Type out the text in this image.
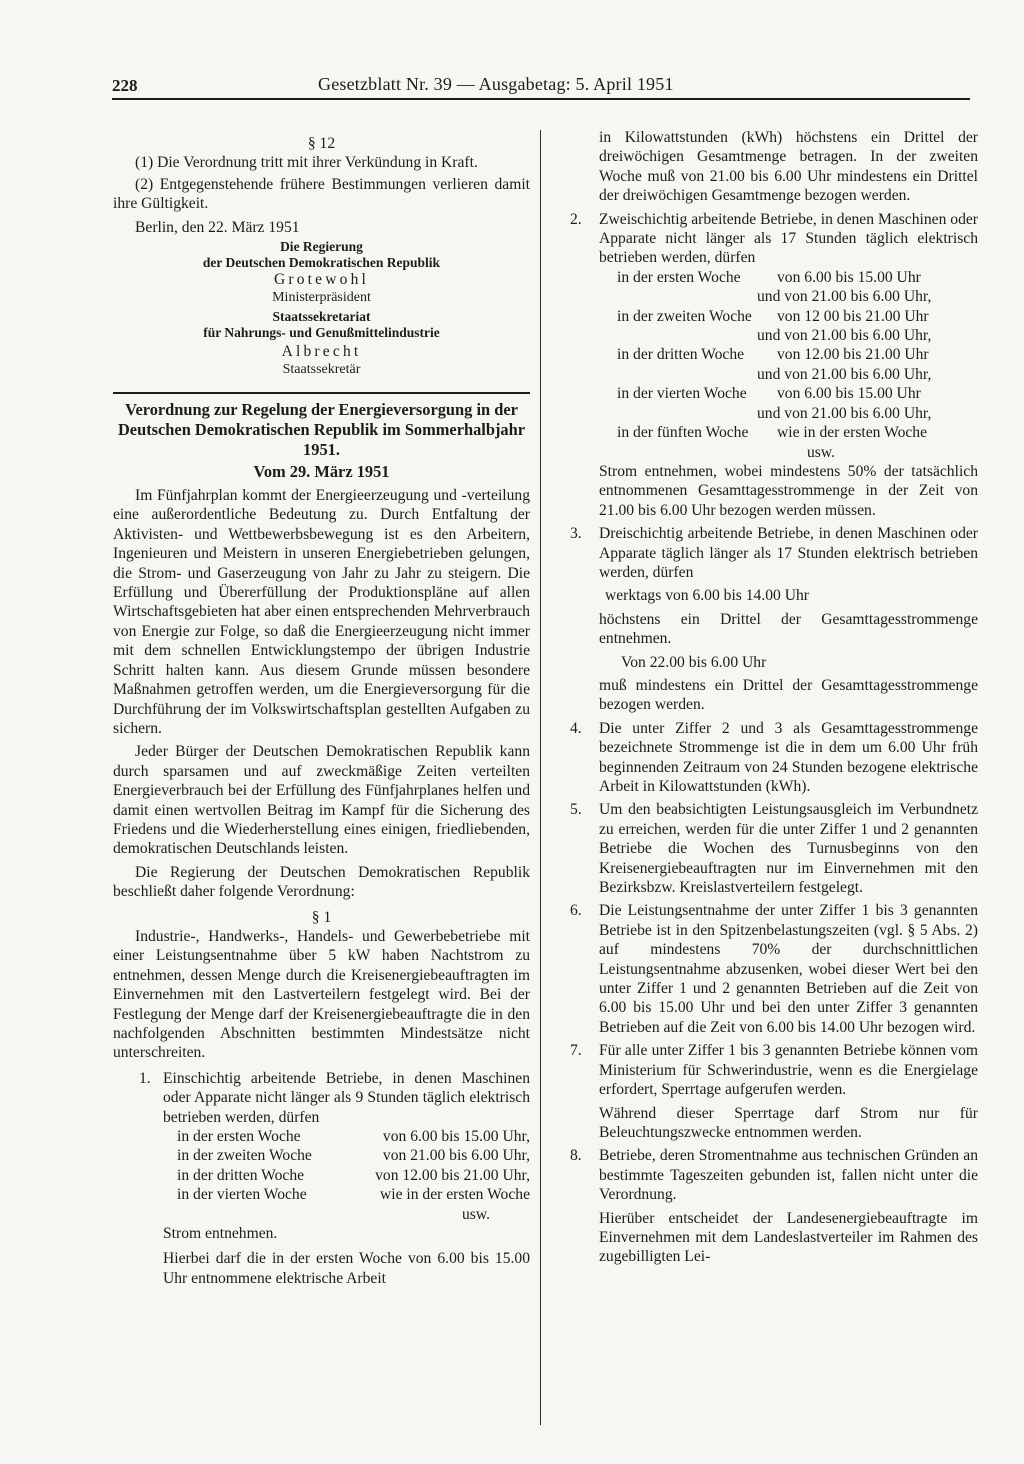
228	Gesetzblatt Nr. 39 — Ausgabetag: 5. April 1951

§ 12

(1) Die Verordnung tritt mit ihrer Verkündung in Kraft.

(2) Entgegenstehende frühere Bestimmungen verlieren damit ihre Gültigkeit.

Berlin, den 22. März 1951

Die Regierung
der Deutschen Demokratischen Republik
Grotewohl
Ministerpräsident
Staatssekretariat
für Nahrungs- und Genußmittelindustrie
Albrecht
Staatssekretär
Verordnung zur Regelung der Energieversorgung in der Deutschen Demokratischen Republik im Sommerhalbjahr 1951.
Vom 29. März 1951

Im Fünfjahrplan kommt der Energieerzeugung und -verteilung eine außerordentliche Bedeutung zu. Durch Entfaltung der Aktivisten- und Wettbewerbsbewegung ist es den Arbeitern, Ingenieuren und Meistern in unseren Energiebetrieben gelungen, die Strom- und Gaserzeugung von Jahr zu Jahr zu steigern. Die Erfüllung und Übererfüllung der Produktionspläne auf allen Wirtschaftsgebieten hat aber einen entsprechenden Mehrverbrauch von Energie zur Folge, so daß die Energieerzeugung nicht immer mit dem schnellen Entwicklungstempo der übrigen Industrie Schritt halten kann. Aus diesem Grunde müssen besondere Maßnahmen getroffen werden, um die Energieversorgung für die Durchführung der im Volkswirtschaftsplan gestellten Aufgaben zu sichern.

Jeder Bürger der Deutschen Demokratischen Republik kann durch sparsamen und auf zweckmäßige Zeiten verteilten Energieverbrauch bei der Erfüllung des Fünfjahrplanes helfen und damit einen wertvollen Beitrag im Kampf für die Sicherung des Friedens und die Wiederherstellung eines einigen, friedliebenden, demokratischen Deutschlands leisten.

Die Regierung der Deutschen Demokratischen Republik beschließt daher folgende Verordnung:

§ 1

Industrie-, Handwerks-, Handels- und Gewerbebetriebe mit einer Leistungsentnahme über 5 kW haben Nachtstrom zu entnehmen, dessen Menge durch die Kreisenergiebeauftragten im Einvernehmen mit den Lastverteilern festgelegt wird. Bei der Festlegung der Menge darf der Kreisenergiebeauftragte die in den nachfolgenden Abschnitten bestimmten Mindestsätze nicht unterschreiten.

1. Einschichtig arbeitende Betriebe, in denen Maschinen oder Apparate nicht länger als 9 Stunden täglich elektrisch betrieben werden, dürfen

in der ersten Woche	von 6.00 bis 15.00 Uhr,
in der zweiten Woche	von 21.00 bis 6.00 Uhr,
in der dritten Woche	von 12.00 bis 21.00 Uhr,
in der vierten Woche	wie in der ersten Woche
usw.

Strom entnehmen.

Hierbei darf die in der ersten Woche von 6.00 bis 15.00 Uhr entnommene elektrische Arbeit

in Kilowattstunden (kWh) höchstens ein Drittel der dreiwöchigen Gesamtmenge betragen. In der zweiten Woche muß von 21.00 bis 6.00 Uhr mindestens ein Drittel der dreiwöchigen Gesamtmenge bezogen werden.

2. Zweischichtig arbeitende Betriebe, in denen Maschinen oder Apparate nicht länger als 17 Stunden täglich elektrisch betrieben werden, dürfen

in der ersten Woche	von 6.00 bis 15.00 Uhr
und von 21.00 bis 6.00 Uhr,
in der zweiten Woche	von 12 00 bis 21.00 Uhr
und von 21.00 bis 6.00 Uhr,
in der dritten Woche	von 12.00 bis 21.00 Uhr
und von 21.00 bis 6.00 Uhr,
in der vierten Woche	von 6.00 bis 15.00 Uhr
und von 21.00 bis 6.00 Uhr,
in der fünften Woche	wie in der ersten Woche
usw.

Strom entnehmen, wobei mindestens 50% der tatsächlich entnommenen Gesamttagesstrommenge in der Zeit von 21.00 bis 6.00 Uhr bezogen werden müssen.

3. Dreischichtig arbeitende Betriebe, in denen Maschinen oder Apparate täglich länger als 17 Stunden elektrisch betrieben werden, dürfen

werktags von 6.00 bis 14.00 Uhr

höchstens ein Drittel der Gesamttagesstrommenge entnehmen.

Von 22.00 bis 6.00 Uhr

muß mindestens ein Drittel der Gesamttagesstrommenge bezogen werden.

4. Die unter Ziffer 2 und 3 als Gesamttagesstrommenge bezeichnete Strommenge ist die in dem um 6.00 Uhr früh beginnenden Zeitraum von 24 Stunden bezogene elektrische Arbeit in Kilowattstunden (kWh).

5. Um den beabsichtigten Leistungsausgleich im Verbundnetz zu erreichen, werden für die unter Ziffer 1 und 2 genannten Betriebe die Wochen des Turnusbeginns von den Kreisenergiebeauftragten nur im Einvernehmen mit den Bezirksbzw. Kreislastverteilern festgelegt.

6. Die Leistungsentnahme der unter Ziffer 1 bis 3 genannten Betriebe ist in den Spitzenbelastungszeiten (vgl. § 5 Abs. 2) auf mindestens 70% der durchschnittlichen Leistungsentnahme abzusenken, wobei dieser Wert bei den unter Ziffer 1 und 2 genannten Betrieben auf die Zeit von 6.00 bis 15.00 Uhr und bei den unter Ziffer 3 genannten Betrieben auf die Zeit von 6.00 bis 14.00 Uhr bezogen wird.

7. Für alle unter Ziffer 1 bis 3 genannten Betriebe können vom Ministerium für Schwerindustrie, wenn es die Energielage erfordert, Sperrtage aufgerufen werden.

Während dieser Sperrtage darf Strom nur für Beleuchtungszwecke entnommen werden.

8. Betriebe, deren Stromentnahme aus technischen Gründen an bestimmte Tageszeiten gebunden ist, fallen nicht unter die Verordnung.

Hierüber entscheidet der Landesenergiebeauftragte im Einvernehmen mit dem Landeslastverteiler im Rahmen des zugebilligten Lei-
